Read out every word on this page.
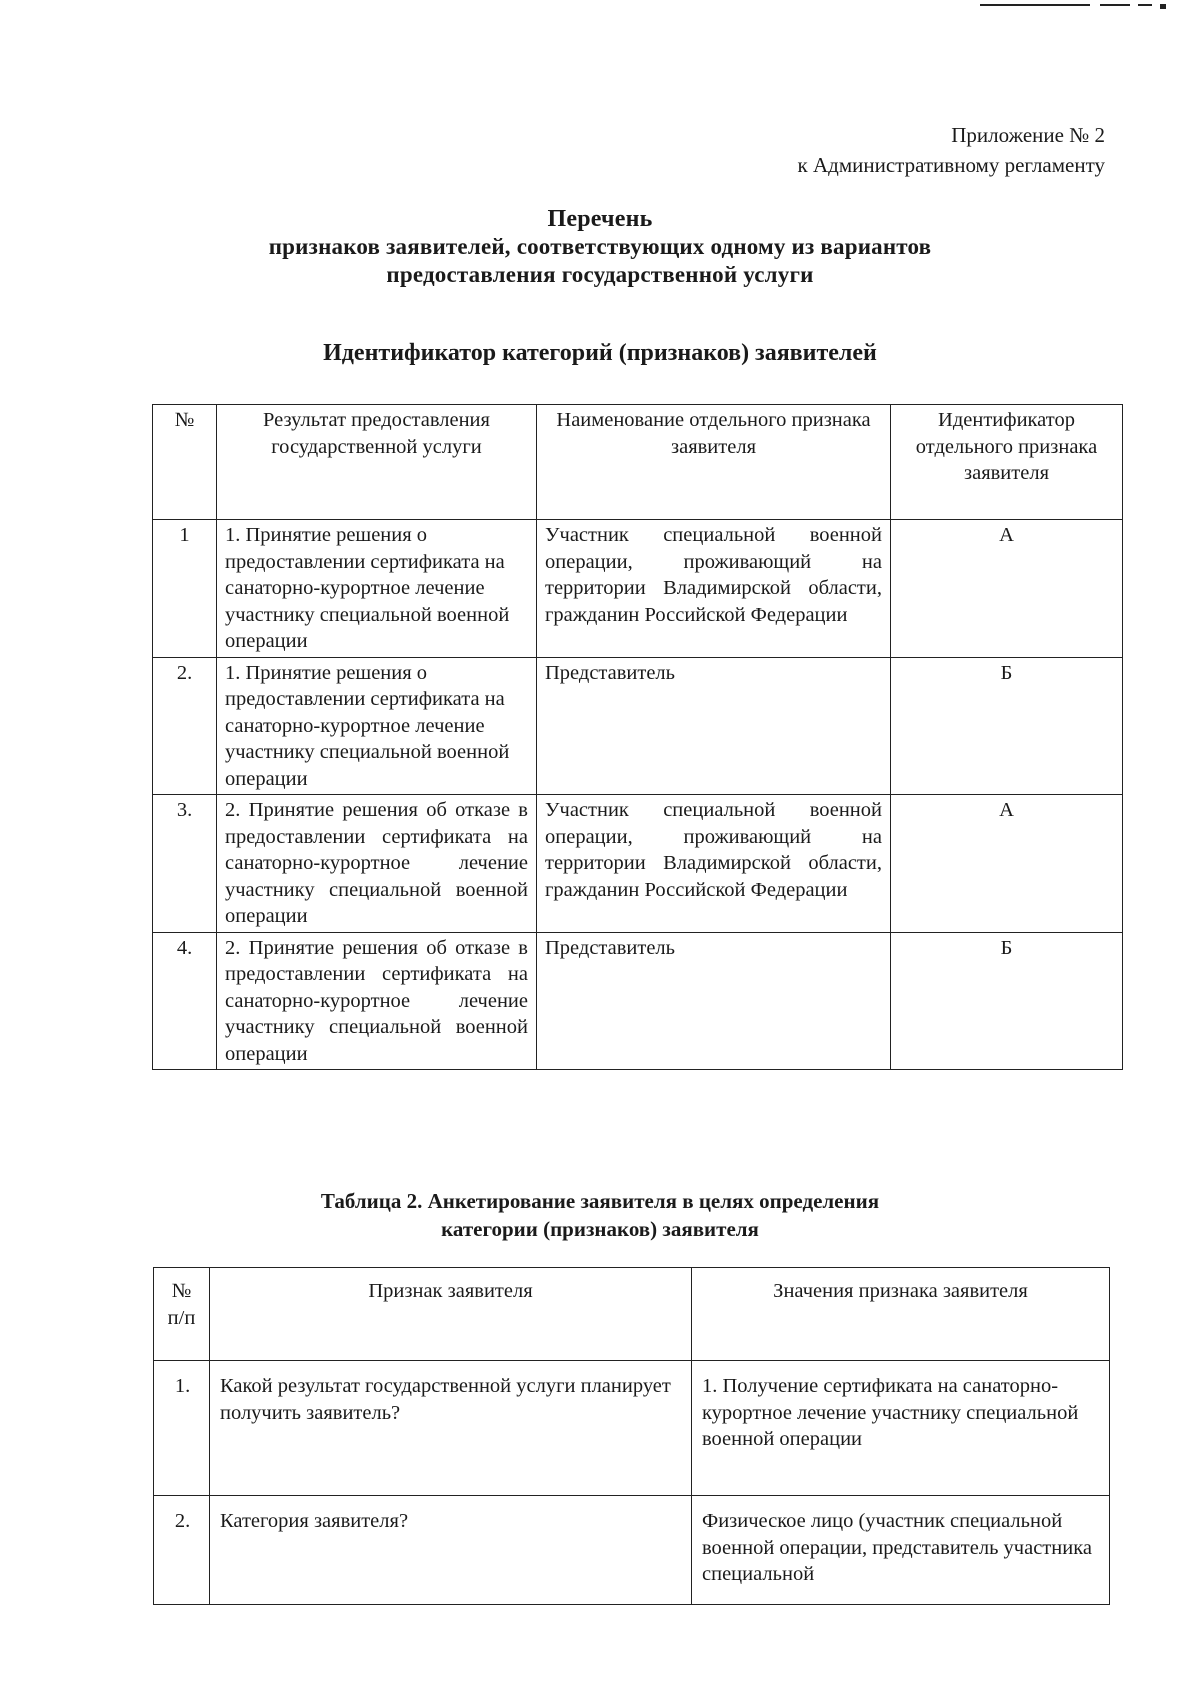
Приложение № 2
к Административному регламенту
Перечень
признаков заявителей, соответствующих одному из вариантов
предоставления государственной услуги
Идентификатор категорий (признаков) заявителей
№	Результат предоставления государственной услуги	Наименование отдельного признака заявителя	Идентификатор отдельного признака заявителя
1	1. Принятие решения о предоставлении сертификата на санаторно-курортное лечение участнику специальной военной операции	Участник специальной военной операции, проживающий на территории Владимирской области, гражданин Российской Федерации	А
2.	1. Принятие решения о предоставлении сертификата на санаторно-курортное лечение участнику специальной военной операции	Представитель	Б
3.	2. Принятие решения об отказе в предоставлении сертификата на санаторно-курортное лечение участнику специальной военной операции	Участник специальной военной операции, проживающий на территории Владимирской области, гражданин Российской Федерации	А
4.	2. Принятие решения об отказе в предоставлении сертификата на санаторно-курортное лечение участнику специальной военной операции	Представитель	Б
Таблица 2. Анкетирование заявителя в целях определения
категории (признаков) заявителя
№ п/п	Признак заявителя	Значения признака заявителя
1.	Какой результат государственной услуги планирует получить заявитель?	1. Получение сертификата на санаторно-курортное лечение участнику специальной военной операции
2.	Категория заявителя?	Физическое лицо (участник специальной военной операции, представитель участника специальной
